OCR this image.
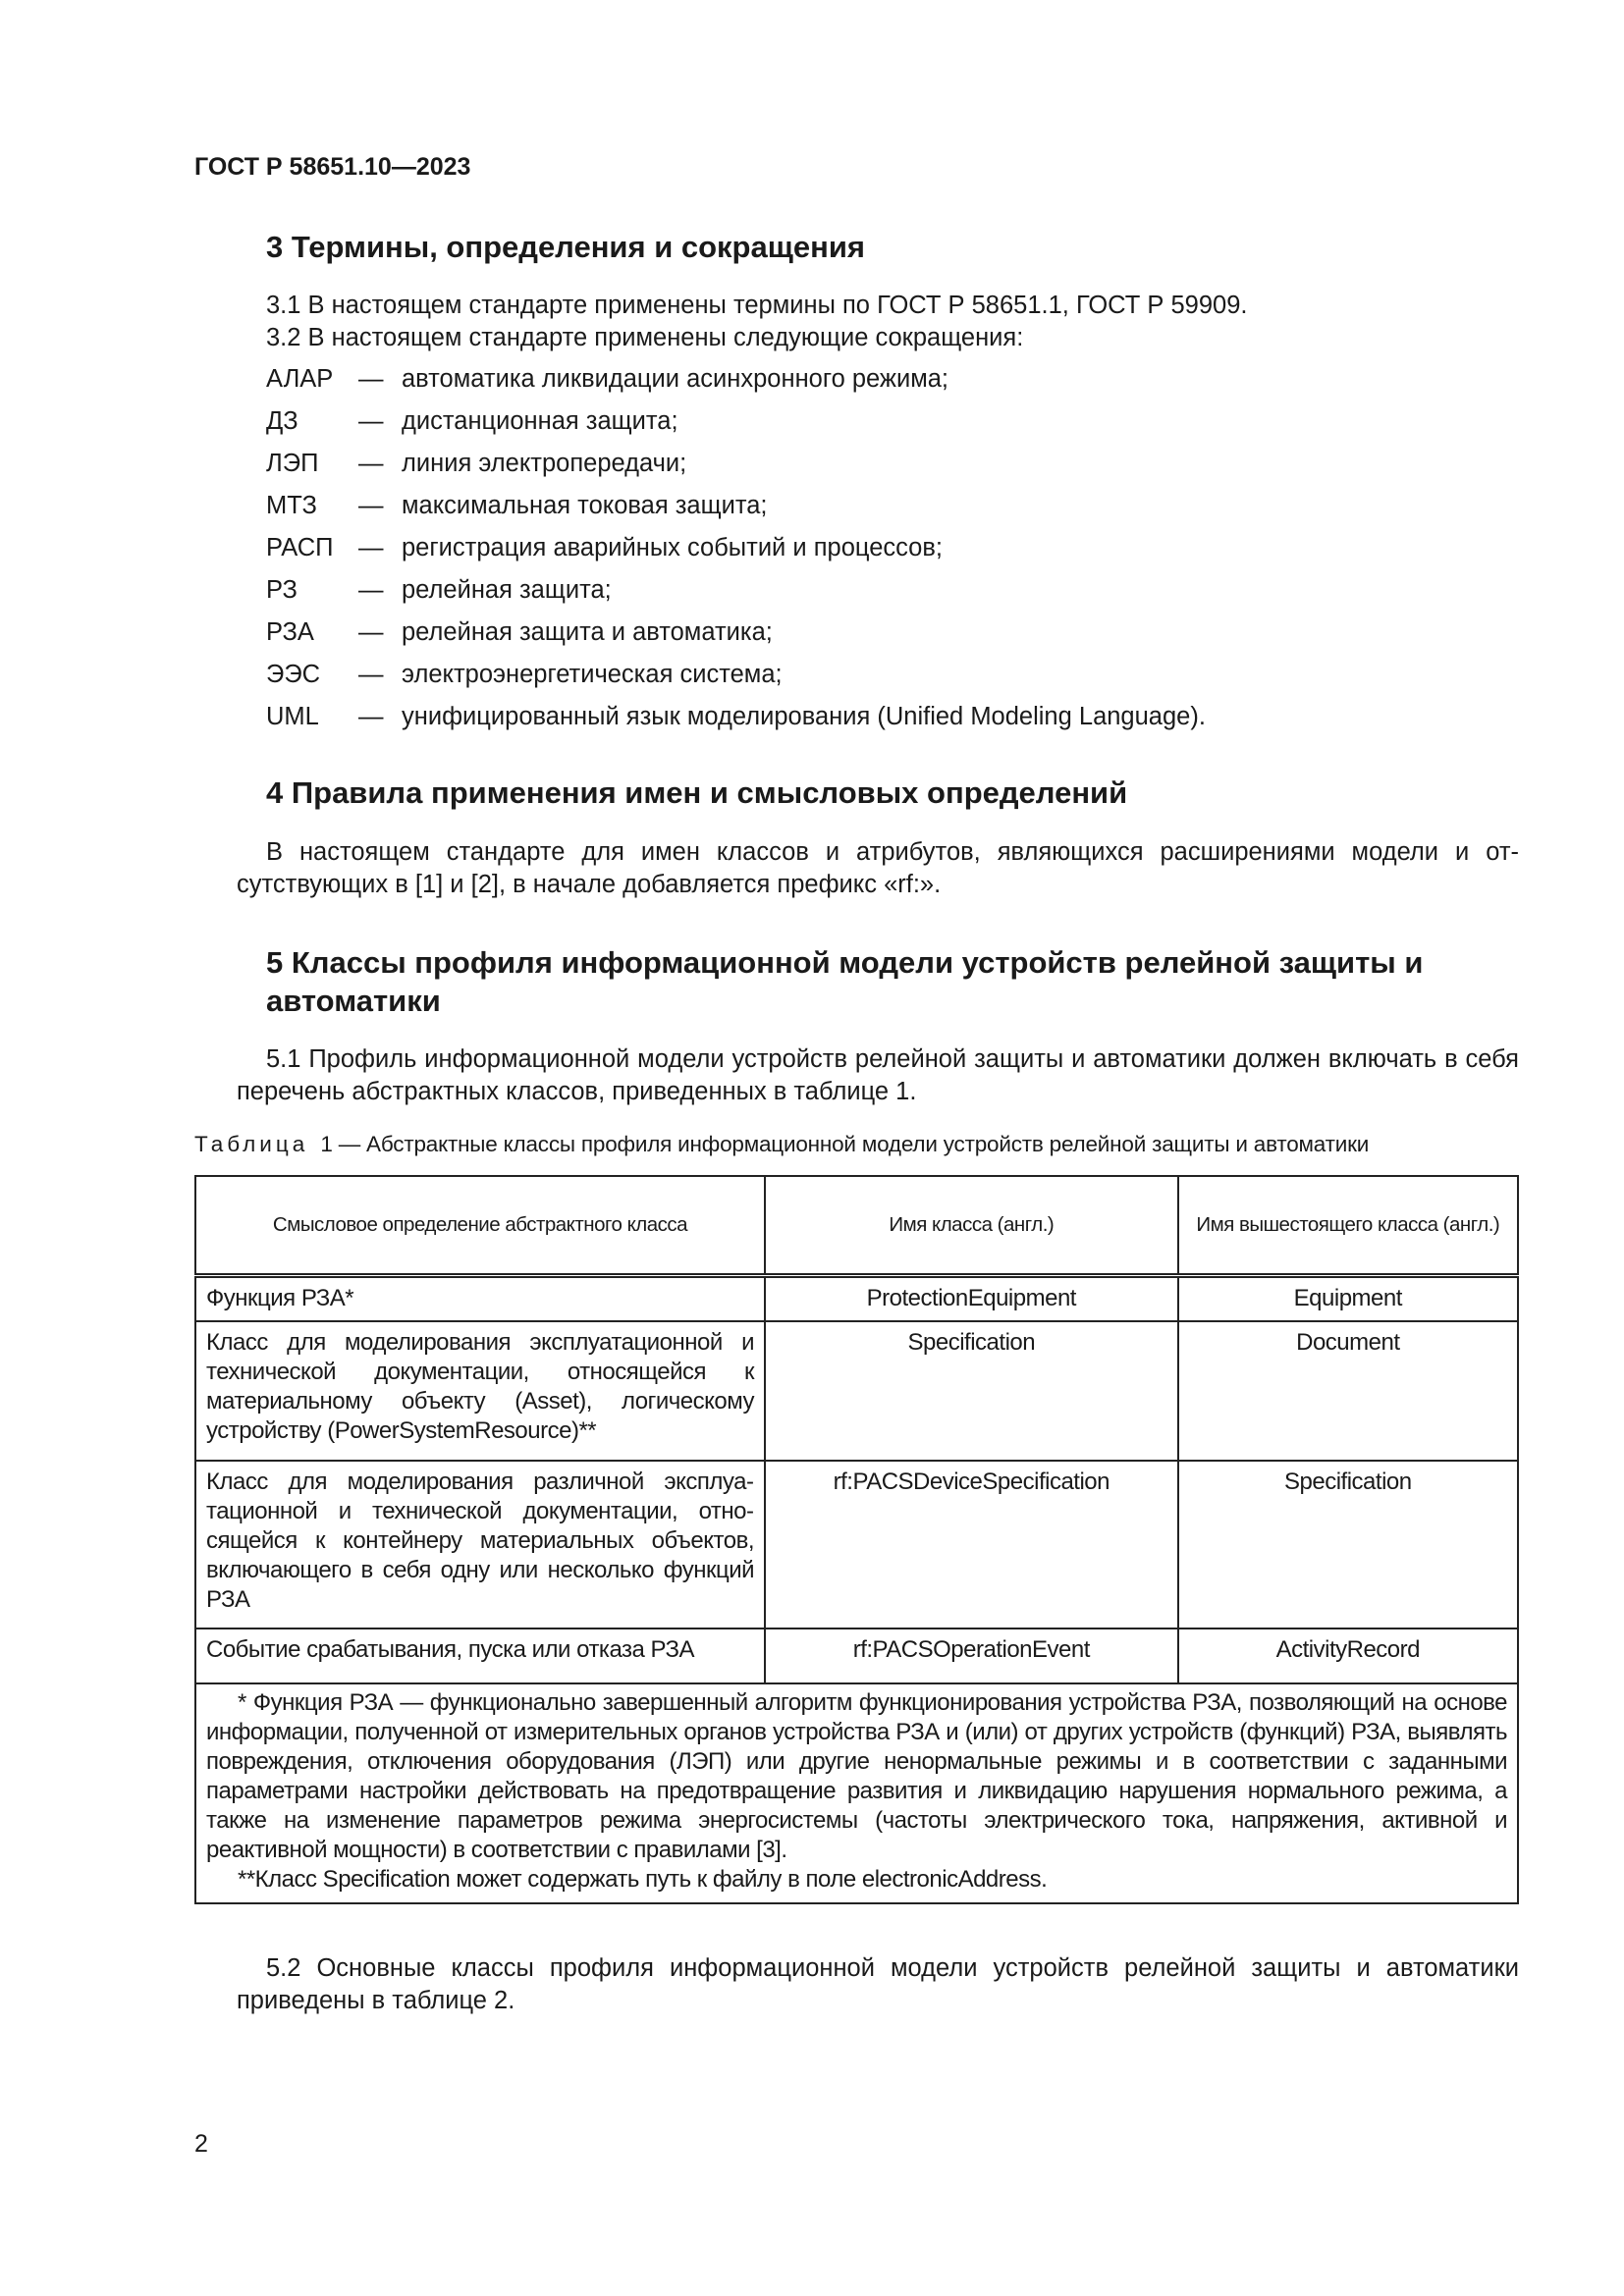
ГОСТ Р 58651.10—2023
3 Термины, определения и сокращения
3.1 В настоящем стандарте применены термины по ГОСТ Р 58651.1, ГОСТ Р 59909.
3.2 В настоящем стандарте применены следующие сокращения:
АЛАР — автоматика ликвидации асинхронного режима;
ДЗ — дистанционная защита;
ЛЭП — линия электропередачи;
МТЗ — максимальная токовая защита;
РАСП — регистрация аварийных событий и процессов;
РЗ — релейная защита;
РЗА — релейная защита и автоматика;
ЭЭС — электроэнергетическая система;
UML — унифицированный язык моделирования (Unified Modeling Language).
4 Правила применения имен и смысловых определений
В настоящем стандарте для имен классов и атрибутов, являющихся расширениями модели и отсутствующих в [1] и [2], в начале добавляется префикс «rf:».
5 Классы профиля информационной модели устройств релейной защиты и автоматики
5.1 Профиль информационной модели устройств релейной защиты и автоматики должен включать в себя перечень абстрактных классов, приведенных в таблице 1.
Таблица 1 — Абстрактные классы профиля информационной модели устройств релейной защиты и автоматики
Смысловое определение абстрактного класса	Имя класса (англ.)	Имя вышестоящего класса (англ.)
Функция РЗА*	ProtectionEquipment	Equipment
Класс для моделирования эксплуатационной и технической документации, относящейся к материальному объекту (Asset), логическому устройству (PowerSystemResource)**	Specification	Document
Класс для моделирования различной эксплуатационной и технической документации, относящейся к контейнеру материальных объектов, включающего в себя одну или несколько функций РЗА	rf:PACSDeviceSpecification	Specification
Событие срабатывания, пуска или отказа РЗА	rf:PACSOperationEvent	ActivityRecord

* Функция РЗА — функционально завершенный алгоритм функционирования устройства РЗА, позволяющий на основе информации, полученной от измерительных органов устройства РЗА и (или) от других устройств (функций) РЗА, выявлять повреждения, отключения оборудования (ЛЭП) или другие ненормальные режимы и в соответствии с заданными параметрами настройки действовать на предотвращение развития и ликвидацию нарушения нормального режима, а также на изменение параметров режима энергосистемы (частоты электрического тока, напряжения, активной и реактивной мощности) в соответствии с правилами [3].
**Класс Specification может содержать путь к файлу в поле electronicAddress.		
5.2 Основные классы профиля информационной модели устройств релейной защиты и автоматики приведены в таблице 2.
2
